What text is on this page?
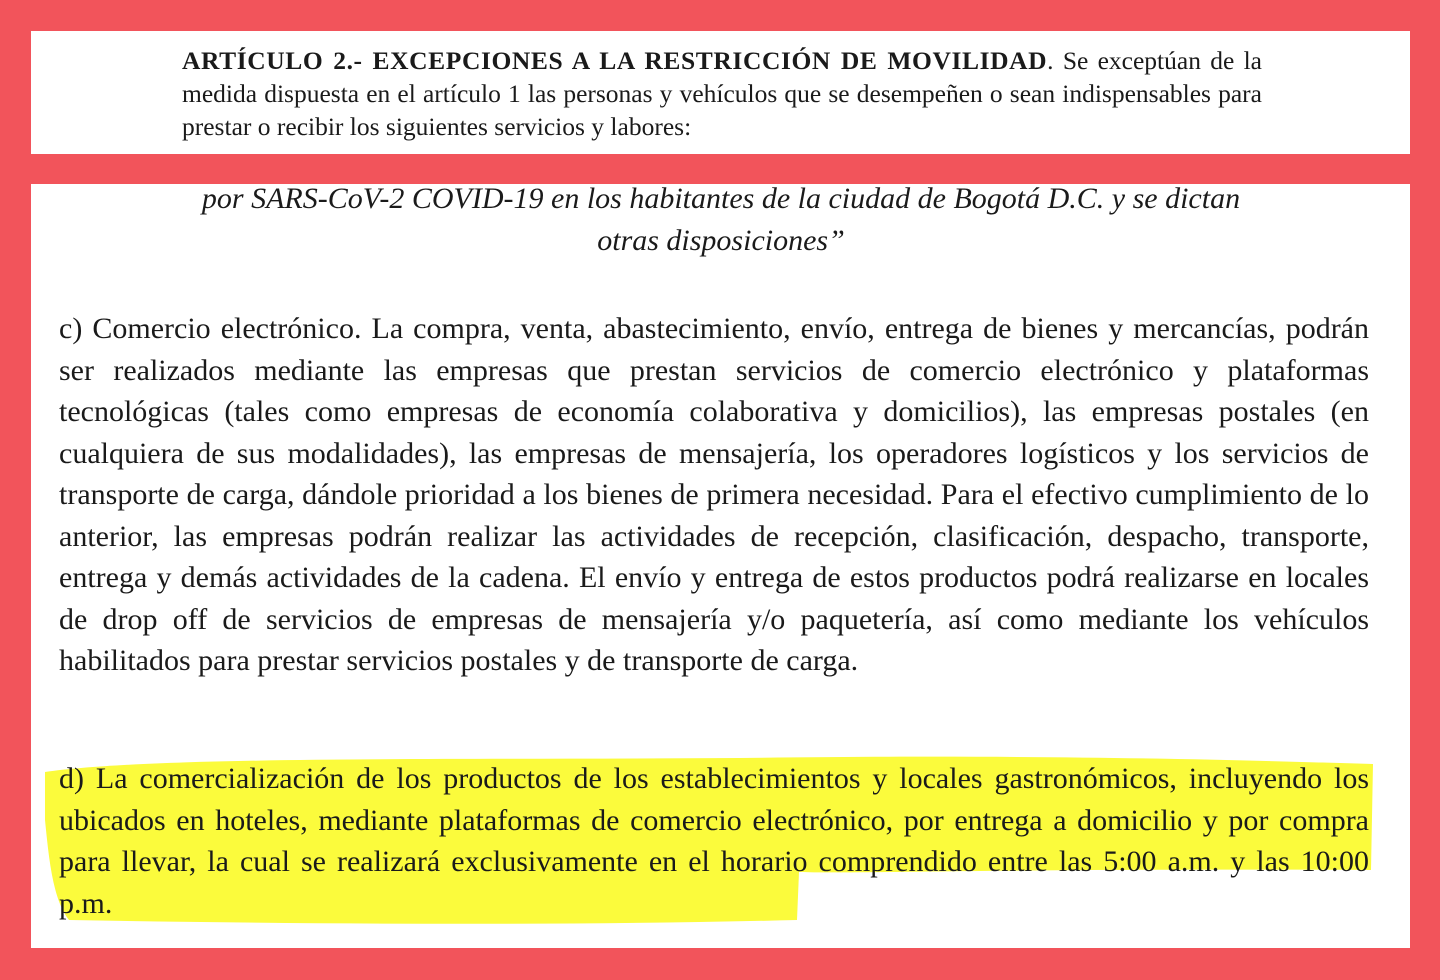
ARTÍCULO 2.- EXCEPCIONES A LA RESTRICCIÓN DE MOVILIDAD. Se exceptúan de la medida dispuesta en el artículo 1 las personas y vehículos que se desempeñen o sean indispensables para prestar o recibir los siguientes servicios y labores:
por SARS-CoV-2 COVID-19 en los habitantes de la ciudad de Bogotá D.C. y se dictan
otras disposiciones”
c) Comercio electrónico. La compra, venta, abastecimiento, envío, entrega de bienes y mercancías, podrán ser realizados mediante las empresas que prestan servicios de comercio electrónico y plataformas tecnológicas (tales como empresas de economía colaborativa y domicilios), las empresas postales (en cualquiera de sus modalidades), las empresas de mensajería, los operadores logísticos y los servicios de transporte de carga, dándole prioridad a los bienes de primera necesidad. Para el efectivo cumplimiento de lo anterior, las empresas podrán realizar las actividades de recepción, clasificación, despacho, transporte, entrega y demás actividades de la cadena. El envío y entrega de estos productos podrá realizarse en locales de drop off de servicios de empresas de mensajería y/o paquetería, así como mediante los vehículos habilitados para prestar servicios postales y de transporte de carga.
d) La comercialización de los productos de los establecimientos y locales gastronómicos, incluyendo los ubicados en hoteles, mediante plataformas de comercio electrónico, por entrega a domicilio y por compra para llevar, la cual se realizará exclusivamente en el horario comprendido entre las 5:00 a.m. y las 10:00 p.m.
